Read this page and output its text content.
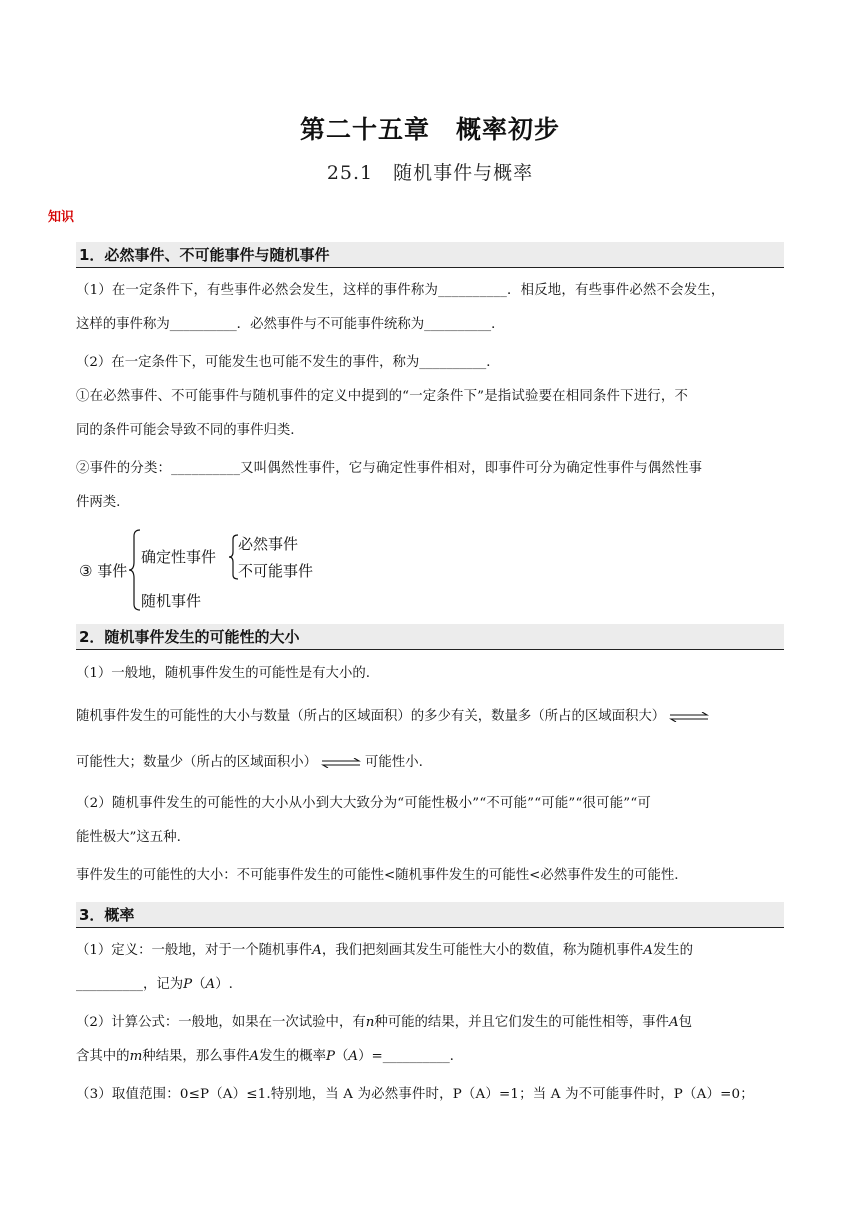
第二十五章　概率初步
25.1　随机事件与概率
知识
1．必然事件、不可能事件与随机事件
（1）在一定条件下，有些事件必然会发生，这样的事件称为__________．相反地，有些事件必然不会发生，
这样的事件称为__________．必然事件与不可能事件统称为__________．
（2）在一定条件下，可能发生也可能不发生的事件，称为__________．
①在必然事件、不可能事件与随机事件的定义中提到的“一定条件下”是指试验要在相同条件下进行，不
同的条件可能会导致不同的事件归类.
②事件的分类：__________又叫偶然性事件，它与确定性事件相对，即事件可分为确定性事件与偶然性事
件两类.
③ 事件
确定性事件
必然事件
不可能事件
随机事件
2．随机事件发生的可能性的大小
（1）一般地，随机事件发生的可能性是有大小的.
随机事件发生的可能性的大小与数量（所占的区域面积）的多少有关，数量多（所占的区域面积大） ⇌
可能性大；数量少（所占的区域面积小） ⇌ 可能性小.
（2）随机事件发生的可能性的大小从小到大大致分为“可能性极小”“不可能”“可能”“很可能”“可
能性极大”这五种.
事件发生的可能性的大小：不可能事件发生的可能性<随机事件发生的可能性<必然事件发生的可能性.
3．概率
（1）定义：一般地，对于一个随机事件A，我们把刻画其发生可能性大小的数值，称为随机事件A发生的
__________，记为P（A）.
（2）计算公式：一般地，如果在一次试验中，有n种可能的结果，并且它们发生的可能性相等，事件A包
含其中的m种结果，那么事件A发生的概率P（A）=__________.
（3）取值范围：0≤P（A）≤1.特别地，当 A 为必然事件时，P（A）=1；当 A 为不可能事件时，P（A）=0；
